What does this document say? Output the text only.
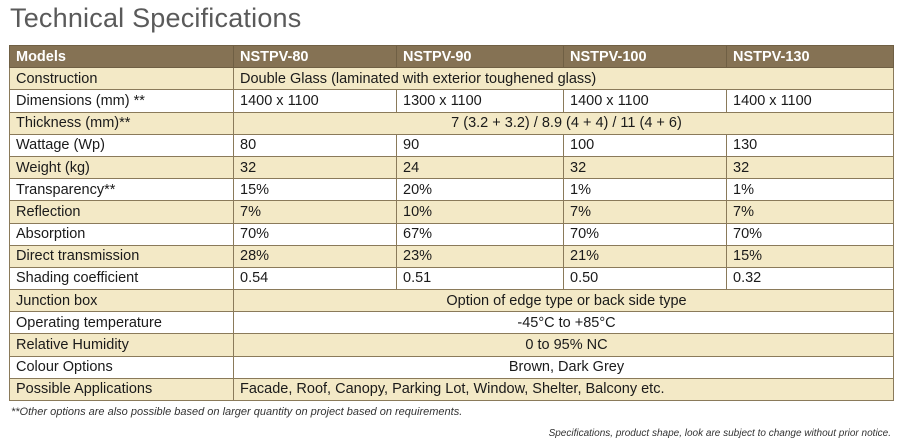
Technical Specifications
Models	NSTPV-80	NSTPV-90	NSTPV-100	NSTPV-130
Construction	Double Glass (laminated with exterior toughened glass)			
Dimensions (mm) **	1400 x 1100	1300 x 1100	1400 x 1100	1400 x 1100
Thickness (mm)**	7 (3.2 + 3.2) / 8.9 (4 + 4) / 11 (4 + 6)			
Wattage (Wp)	80	90	100	130
Weight (kg)	32	24	32	32
Transparency**	15%	20%	1%	1%
Reflection	7%	10%	7%	7%
Absorption	70%	67%	70%	70%
Direct transmission	28%	23%	21%	15%
Shading coefficient	0.54	0.51	0.50	0.32
Junction box	Option of edge type or back side type			
Operating temperature	-45°C to +85°C			
Relative Humidity	0 to 95% NC			
Colour Options	Brown, Dark Grey			
Possible Applications	Facade, Roof, Canopy, Parking Lot, Window, Shelter, Balcony etc.			
**Other options are also possible based on larger quantity on project based on requirements.
Specifications, product shape, look are subject to change without prior notice.
